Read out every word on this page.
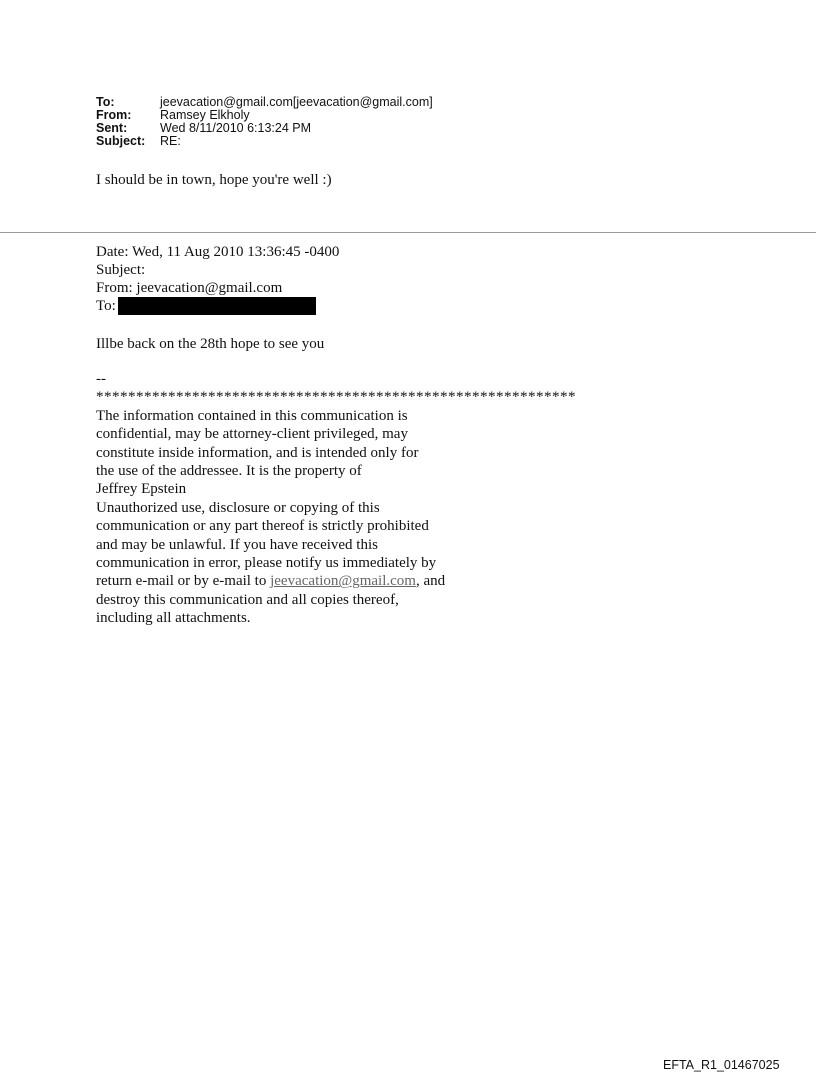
To:	jeevacation@gmail.com[jeevacation@gmail.com]
From:	Ramsey Elkholy
Sent:	Wed 8/11/2010 6:13:24 PM
Subject:	RE:
I should be in town, hope you're well :)
Date: Wed, 11 Aug 2010 13:36:45 -0400
Subject:
From: jeevacation@gmail.com
To:
Illbe back on the 28th hope to see you
--
************************************************************
The information contained in this communication is
confidential, may be attorney-client privileged, may
constitute inside information, and is intended only for
the use of the addressee. It is the property of
Jeffrey Epstein
Unauthorized use, disclosure or copying of this
communication or any part thereof is strictly prohibited
and may be unlawful. If you have received this
communication in error, please notify us immediately by
return e-mail or by e-mail to jeevacation@gmail.com, and
destroy this communication and all copies thereof,
including all attachments.
EFTA_R1_01467025
